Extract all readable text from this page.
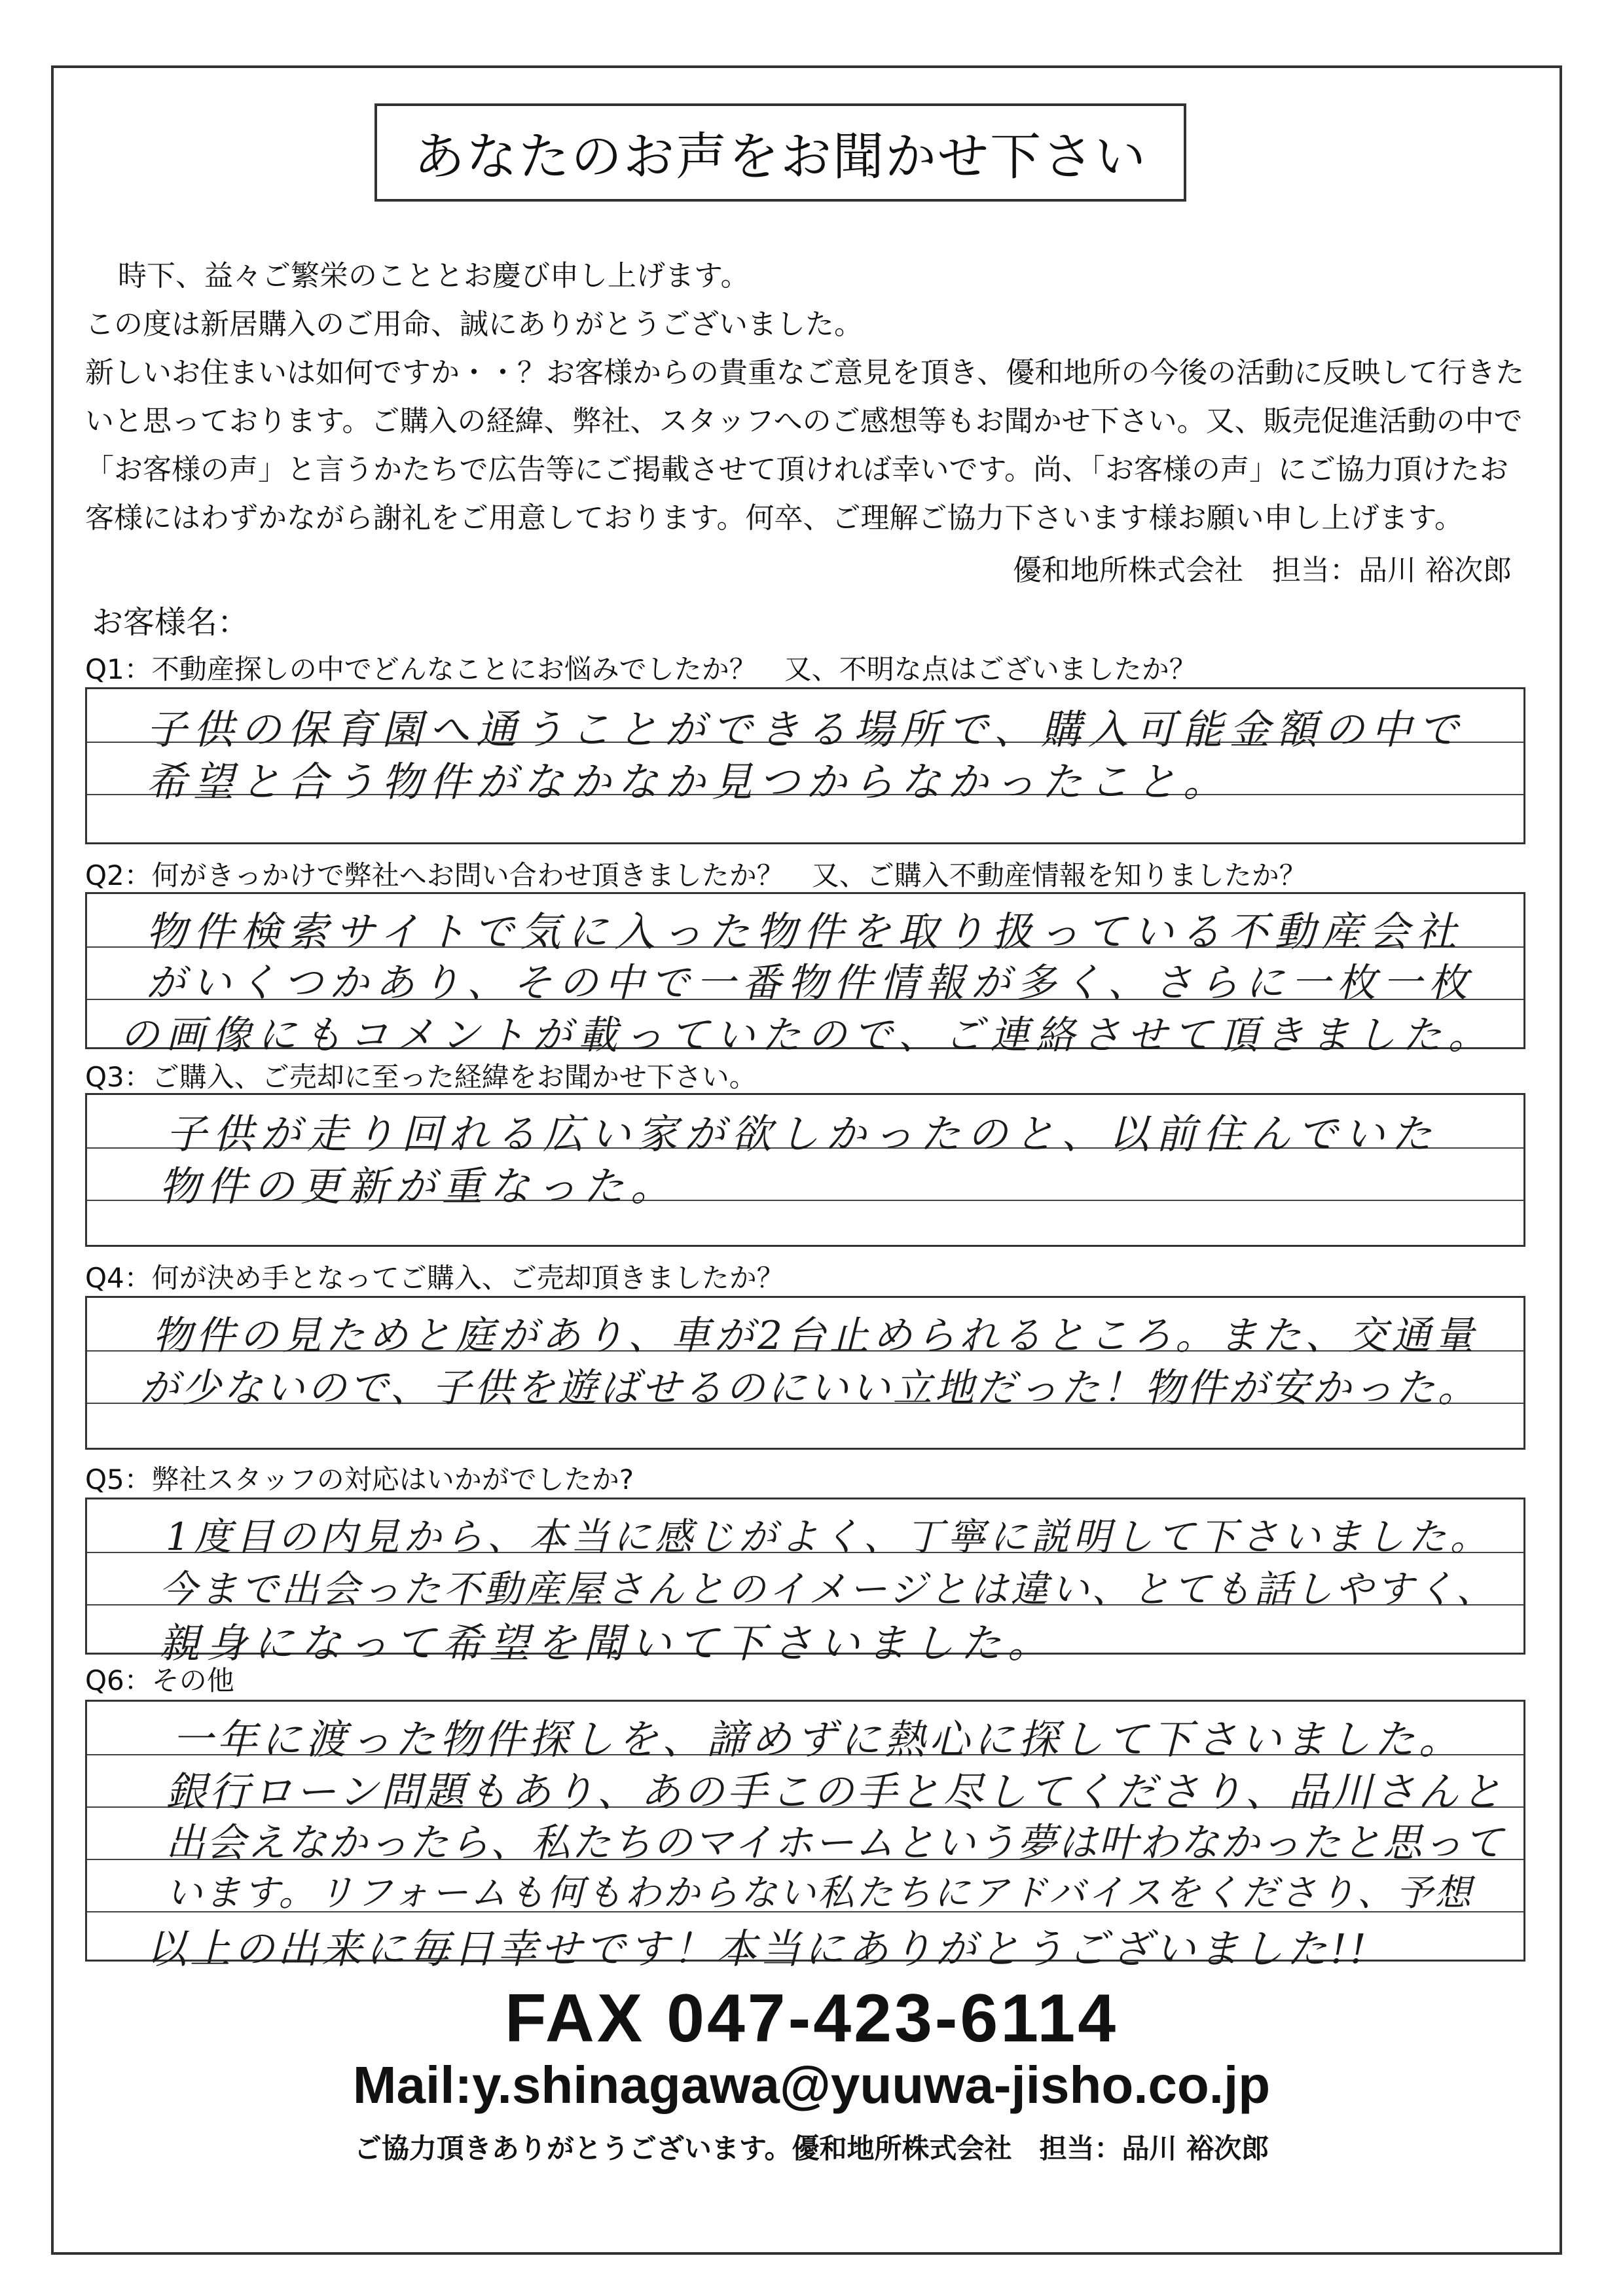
あなたのお声をお聞かせ下さい

時下、益々ご繁栄のこととお慶び申し上げます。

この度は新居購入のご用命、誠にありがとうございました。

新しいお住まいは如何ですか・・？お客様からの貴重なご意見を頂き、優和地所の今後の活動に反映して行きた

いと思っております。ご購入の経緯、弊社、スタッフへのご感想等もお聞かせ下さい。又、販売促進活動の中で

「お客様の声」と言うかたちで広告等にご掲載させて頂ければ幸いです。尚、「お客様の声」にご協力頂けたお

客様にはわずかながら謝礼をご用意しております。何卒、ご理解ご協力下さいます様お願い申し上げます。

優和地所株式会社　担当：品川 裕次郎
お客様名：
Q1：不動産探しの中でどんなことにお悩みでしたか？　又、不明な点はございましたか？
子供の保育園へ通うことができる場所で、購入可能金額の中で
希望と合う物件がなかなか見つからなかったこと。
Q2：何がきっかけで弊社へお問い合わせ頂きましたか？　又、ご購入不動産情報を知りましたか？
物件検索サイトで気に入った物件を取り扱っている不動産会社
がいくつかあり、その中で一番物件情報が多く、さらに一枚一枚
の画像にもコメントが載っていたので、ご連絡させて頂きました。
Q3：ご購入、ご売却に至った経緯をお聞かせ下さい。
子供が走り回れる広い家が欲しかったのと、以前住んでいた
物件の更新が重なった。
Q4：何が決め手となってご購入、ご売却頂きましたか？
物件の見ためと庭があり、車が2台止められるところ。また、交通量
が少ないので、子供を遊ばせるのにいい立地だった！物件が安かった。
Q5：弊社スタッフの対応はいかがでしたか?
1度目の内見から、本当に感じがよく、丁寧に説明して下さいました。
今まで出会った不動産屋さんとのイメージとは違い、とても話しやすく、
親身になって希望を聞いて下さいました。
Q6：その他
一年に渡った物件探しを、諦めずに熱心に探して下さいました。
銀行ローン問題もあり、あの手この手と尽してくださり、品川さんと
出会えなかったら、私たちのマイホームという夢は叶わなかったと思って
います。リフォームも何もわからない私たちにアドバイスをくださり、予想
以上の出来に毎日幸せです！本当にありがとうございました!!
FAX 047-423-6114
Mail:y.shinagawa@yuuwa-jisho.co.jp
ご協力頂きありがとうございます。優和地所株式会社　担当：品川 裕次郎
